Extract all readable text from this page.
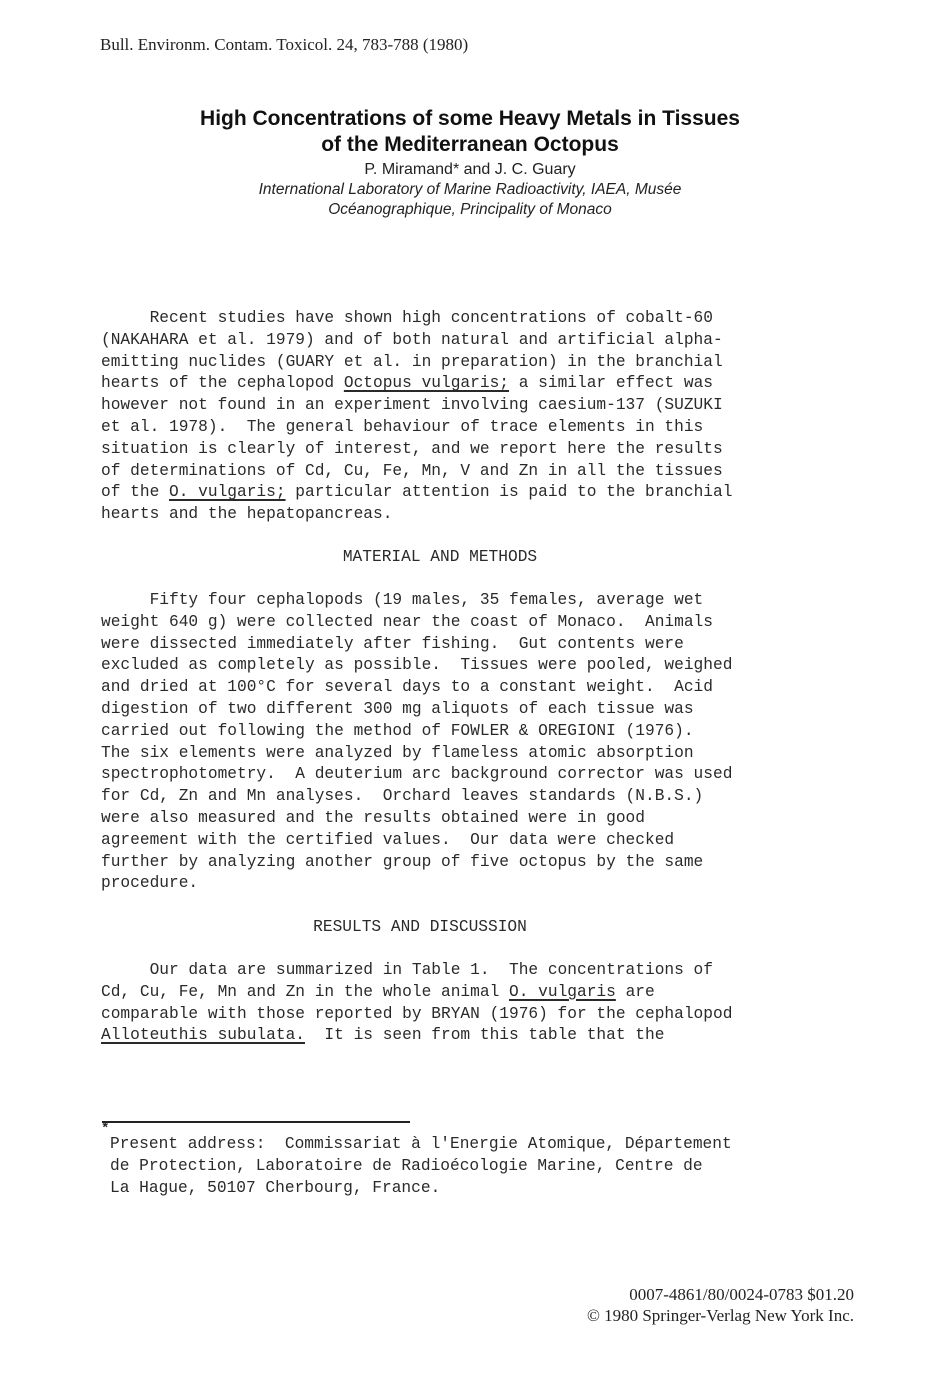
Bull. Environm. Contam. Toxicol. 24, 783-788 (1980)

High Concentrations of some Heavy Metals in Tissues
of the Mediterranean Octopus

P. Miramand* and J. C. Guary
International Laboratory of Marine Radioactivity, IAEA, Musée
Océanographique, Principality of Monaco

Recent studies have shown high concentrations of cobalt-60
(NAKAHARA et al. 1979) and of both natural and artificial alpha-
emitting nuclides (GUARY et al. in preparation) in the branchial
hearts of the cephalopod Octopus vulgaris; a similar effect was
however not found in an experiment involving caesium-137 (SUZUKI
et al. 1978).  The general behaviour of trace elements in this
situation is clearly of interest, and we report here the results
of determinations of Cd, Cu, Fe, Mn, V and Zn in all the tissues
of the O. vulgaris; particular attention is paid to the branchial
hearts and the hepatopancreas.

MATERIAL AND METHODS

Fifty four cephalopods (19 males, 35 females, average wet
weight 640 g) were collected near the coast of Monaco.  Animals
were dissected immediately after fishing.  Gut contents were
excluded as completely as possible.  Tissues were pooled, weighed
and dried at 100°C for several days to a constant weight.  Acid
digestion of two different 300 mg aliquots of each tissue was
carried out following the method of FOWLER & OREGIONI (1976).
The six elements were analyzed by flameless atomic absorption
spectrophotometry.  A deuterium arc background corrector was used
for Cd, Zn and Mn analyses.  Orchard leaves standards (N.B.S.)
were also measured and the results obtained were in good
agreement with the certified values.  Our data were checked
further by analyzing another group of five octopus by the same
procedure.

RESULTS AND DISCUSSION

Our data are summarized in Table 1.  The concentrations of
Cd, Cu, Fe, Mn and Zn in the whole animal O. vulgaris are
comparable with those reported by BRYAN (1976) for the cephalopod
Alloteuthis subulata.  It is seen from this table that the

*

Present address:  Commissariat à l'Energie Atomique, Département
de Protection, Laboratoire de Radioécologie Marine, Centre de
La Hague, 50107 Cherbourg, France.

0007-4861/80/0024-0783 $01.20
© 1980 Springer-Verlag New York Inc.
